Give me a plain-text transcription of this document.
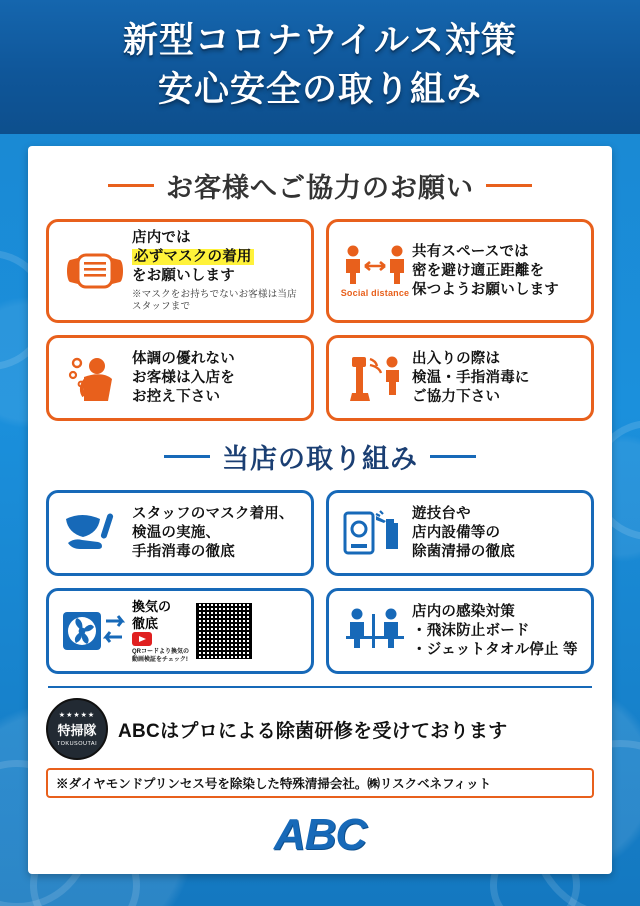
新型コロナウイルス対策
安心安全の取り組み
お客様へご協力のお願い
店内では
必ずマスクの着用
をお願いします
※マスクをお持ちでないお客様は当店スタッフまで
Social distance
共有スペースでは
密を避け適正距離を
保つようお願いします
体調の優れない
お客様は入店を
お控え下さい
出入りの際は
検温・手指消毒に
ご協力下さい
当店の取り組み
スタッフのマスク着用、
検温の実施、
手指消毒の徹底
遊技台や
店内設備等の
除菌清掃の徹底
換気の
徹底
QRコードより換気の動画検証をチェック!
店内の感染対策
・飛沫防止ボード
・ジェットタオル停止 等
★★★★★
特掃隊
TOKUSOUTAI
ABCはプロによる除菌研修を受けております
※ダイヤモンドプリンセス号を除染した特殊清掃会社。㈱リスクベネフィット
ABC
